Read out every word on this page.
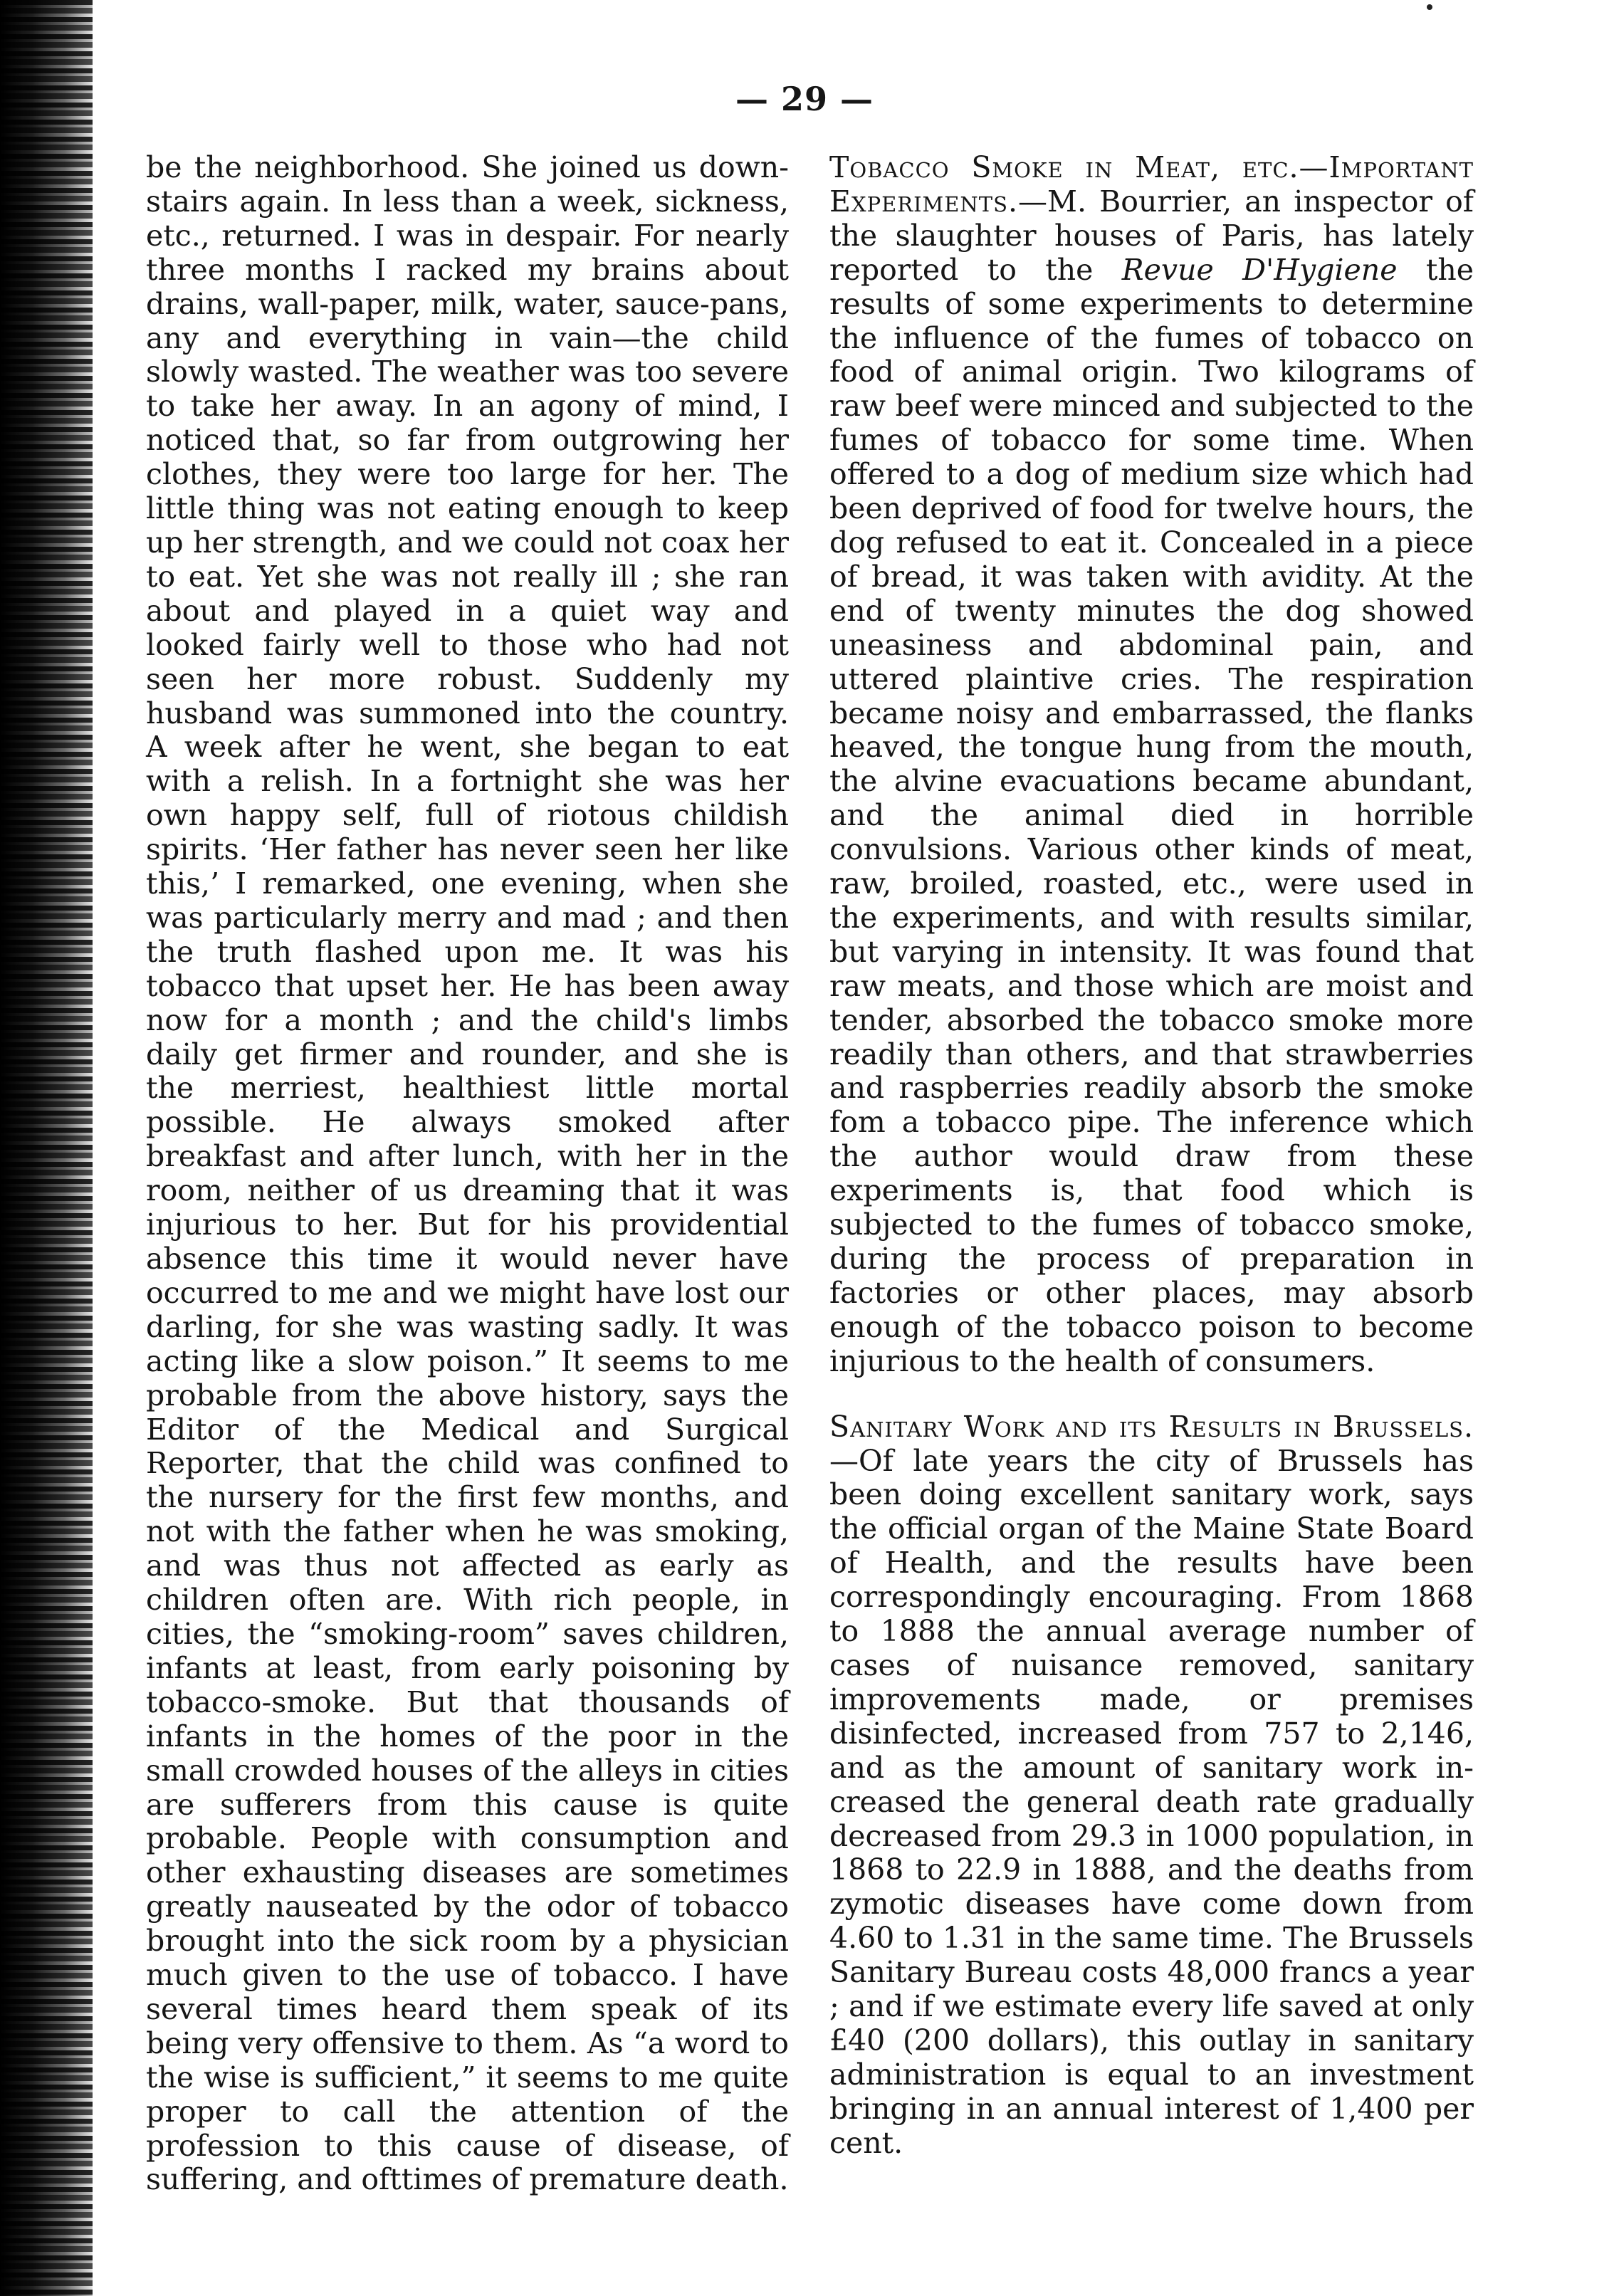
— 29 —

be the neighborhood. She joined us downstairs again. In less than a week, sickness, etc., returned. I was in despair. For nearly three months I racked my brains about drains, wall-paper, milk, water, sauce-pans, any and everything in vain—the child slowly wasted. The weather was too severe to take her away. In an agony of mind, I noticed that, so far from outgrowing her clothes, they were too large for her. The little thing was not eating enough to keep up her strength, and we could not coax her to eat. Yet she was not really ill ; she ran about and played in a quiet way and looked fairly well to those who had not seen her more robust. Suddenly my husband was summoned into the country. A week after he went, she began to eat with a relish. In a fortnight she was her own happy self, full of riotous childish spirits. ‘Her father has never seen her like this,’ I remarked, one evening, when she was particularly merry and mad ; and then the truth flashed upon me. It was his tobacco that upset her. He has been away now for a month ; and the child's limbs daily get firmer and rounder, and she is the merriest, healthiest little mortal possible. He always smoked after breakfast and after lunch, with her in the room, neither of us dreaming that it was injurious to her. But for his providential absence this time it would never have occurred to me and we might have lost our darling, for she was wasting sadly. It was acting like a slow poison.” It seems to me probable from the above history, says the Editor of the Medical and Surgical Reporter, that the child was confined to the nursery for the first few months, and not with the father when he was smoking, and was thus not affected as early as children often are. With rich people, in cities, the “smoking-room” saves children, infants at least, from early poisoning by tobacco-smoke. But that thousands of infants in the homes of the poor in the small crowded houses of the alleys in cities are sufferers from this cause is quite probable. People with consumption and other exhausting diseases are sometimes greatly nauseated by the odor of tobacco brought into the sick room by a physician much given to the use of tobacco. I have several times heard them speak of its being very offensive to them. As “a word to the wise is sufficient,” it seems to me quite proper to call the attention of the profession to this cause of disease, of suffering, and ofttimes of premature death.

Tobacco Smoke in Meat, etc.—Important Experiments.—M. Bourrier, an inspector of the slaughter houses of Paris, has lately reported to the Revue D'Hygiene the results of some experiments to determine the influence of the fumes of tobacco on food of animal origin. Two kilograms of raw beef were minced and subjected to the fumes of tobacco for some time. When offered to a dog of medium size which had been deprived of food for twelve hours, the dog refused to eat it. Concealed in a piece of bread, it was taken with avidity. At the end of twenty minutes the dog showed uneasiness and abdominal pain, and uttered plaintive cries. The respiration became noisy and embarrassed, the flanks heaved, the tongue hung from the mouth, the alvine evacuations became abundant, and the animal died in horrible convulsions. Various other kinds of meat, raw, broiled, roasted, etc., were used in the experiments, and with results similar, but varying in intensity. It was found that raw meats, and those which are moist and tender, absorbed the tobacco smoke more readily than others, and that strawberries and raspberries readily absorb the smoke fom a tobacco pipe. The inference which the author would draw from these experiments is, that food which is subjected to the fumes of tobacco smoke, during the process of preparation in factories or other places, may absorb enough of the tobacco poison to become injurious to the health of consumers.

Sanitary Work and its Results in Brussels.—Of late years the city of Brussels has been doing excellent sanitary work, says the official organ of the Maine State Board of Health, and the results have been correspondingly encouraging. From 1868 to 1888 the annual average number of cases of nuisance removed, sanitary improvements made, or premises disinfected, increased from 757 to 2,146, and as the amount of sanitary work increased the general death rate gradually decreased from 29.3 in 1000 population, in 1868 to 22.9 in 1888, and the deaths from zymotic diseases have come down from 4.60 to 1.31 in the same time. The Brussels Sanitary Bureau costs 48,000 francs a year ; and if we estimate every life saved at only £40 (200 dollars), this outlay in sanitary administration is equal to an investment bringing in an annual interest of 1,400 per cent.
